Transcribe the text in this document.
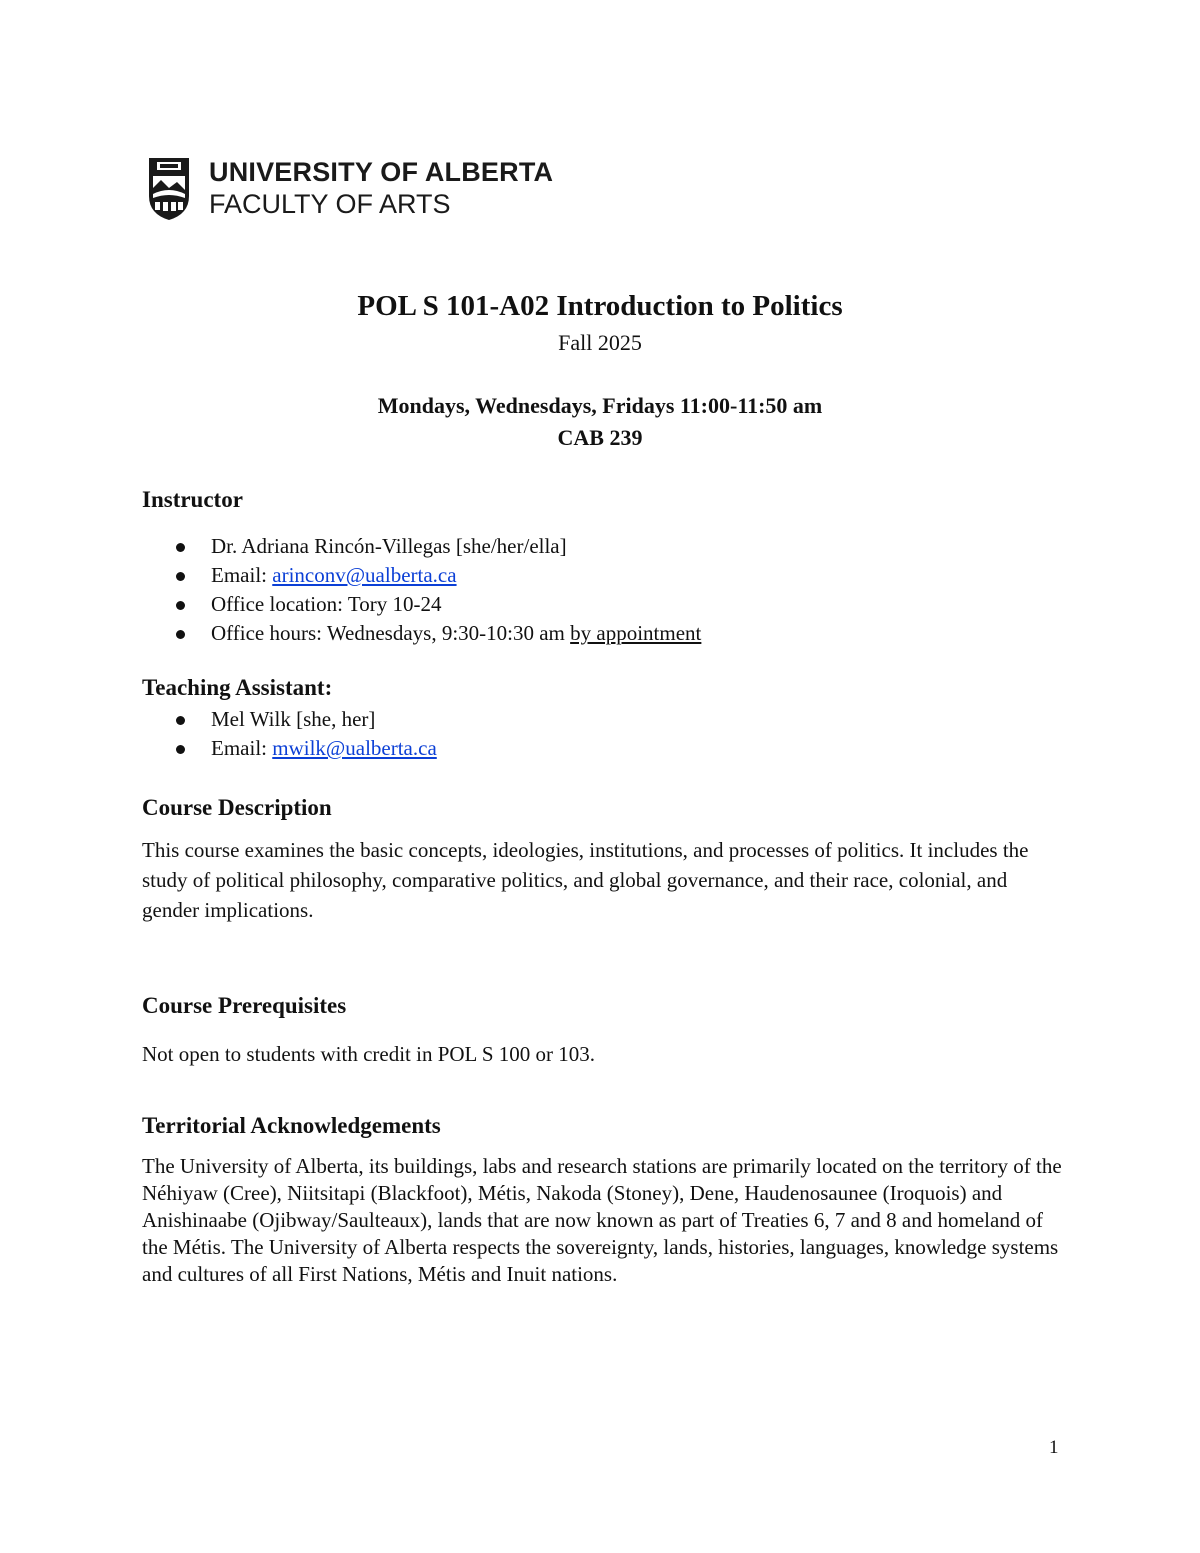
UNIVERSITY OF ALBERTA
FACULTY OF ARTS
POL S 101-A02 Introduction to Politics
Fall 2025
Mondays, Wednesdays, Fridays 11:00-11:50 am
CAB 239
Instructor
Dr. Adriana Rincón-Villegas [she/her/ella]
Email: arinconv@ualberta.ca
Office location: Tory 10-24
Office hours: Wednesdays, 9:30-10:30 am by appointment
Teaching Assistant:
Mel Wilk [she, her]
Email: mwilk@ualberta.ca
Course Description
This course examines the basic concepts, ideologies, institutions, and processes of politics. It includes the study of political philosophy, comparative politics, and global governance, and their race, colonial, and gender implications.
Course Prerequisites
Not open to students with credit in POL S 100 or 103.
Territorial Acknowledgements
The University of Alberta, its buildings, labs and research stations are primarily located on the territory of the Néhiyaw (Cree), Niitsitapi (Blackfoot), Métis, Nakoda (Stoney), Dene, Haudenosaunee (Iroquois) and Anishinaabe (Ojibway/Saulteaux), lands that are now known as part of Treaties 6, 7 and 8 and homeland of the Métis. The University of Alberta respects the sovereignty, lands, histories, languages, knowledge systems and cultures of all First Nations, Métis and Inuit nations.
1
